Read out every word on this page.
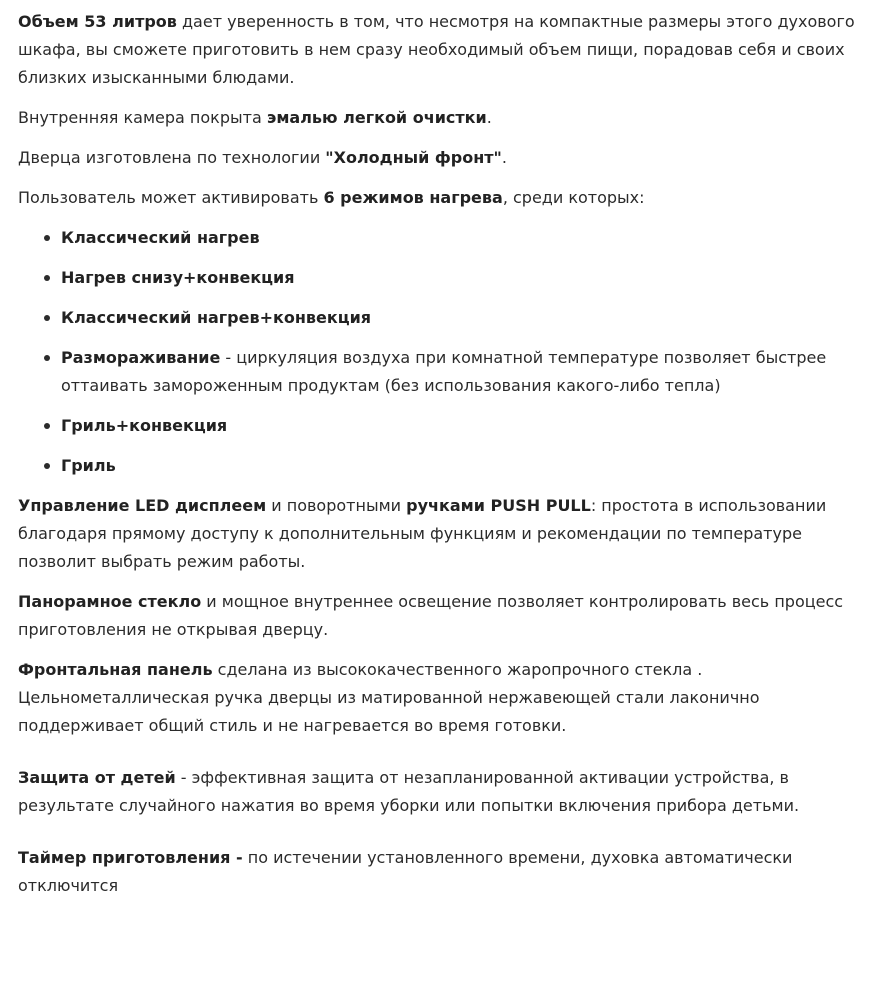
Объем 53 литров дает уверенность в том, что несмотря на компактные размеры этого духового шкафа, вы сможете приготовить в нем сразу необходимый объем пищи, порадовав себя и своих близких изысканными блюдами.

Внутренняя камера покрыта эмалью легкой очистки.

Дверца изготовлена по технологии "Холодный фронт".

Пользователь может активировать 6 режимов нагрева, среди которых:

Классический нагрев
Нагрев снизу+конвекция
Классический нагрев+конвекция
Размораживание - циркуляция воздуха при комнатной температуре позволяет быстрее оттаивать замороженным продуктам (без использования какого-либо тепла)
Гриль+конвекция
Гриль

Управление LED дисплеем и поворотными ручками PUSH PULL: простота в использовании благодаря прямому доступу к дополнительным функциям и рекомендации по температуре позволит выбрать режим работы.

Панорамное стекло и мощное внутреннее освещение позволяет контролировать весь процесс приготовления не открывая дверцу.

Фронтальная панель сделана из высококачественного жаропрочного стекла . Цельнометаллическая ручка дверцы из матированной нержавеющей стали лаконично поддерживает общий стиль и не нагревается во время готовки.

Защита от детей - эффективная защита от незапланированной активации устройства, в результате случайного нажатия во время уборки или попытки включения прибора детьми.

Таймер приготовления - по истечении установленного времени, духовка автоматически отключится
